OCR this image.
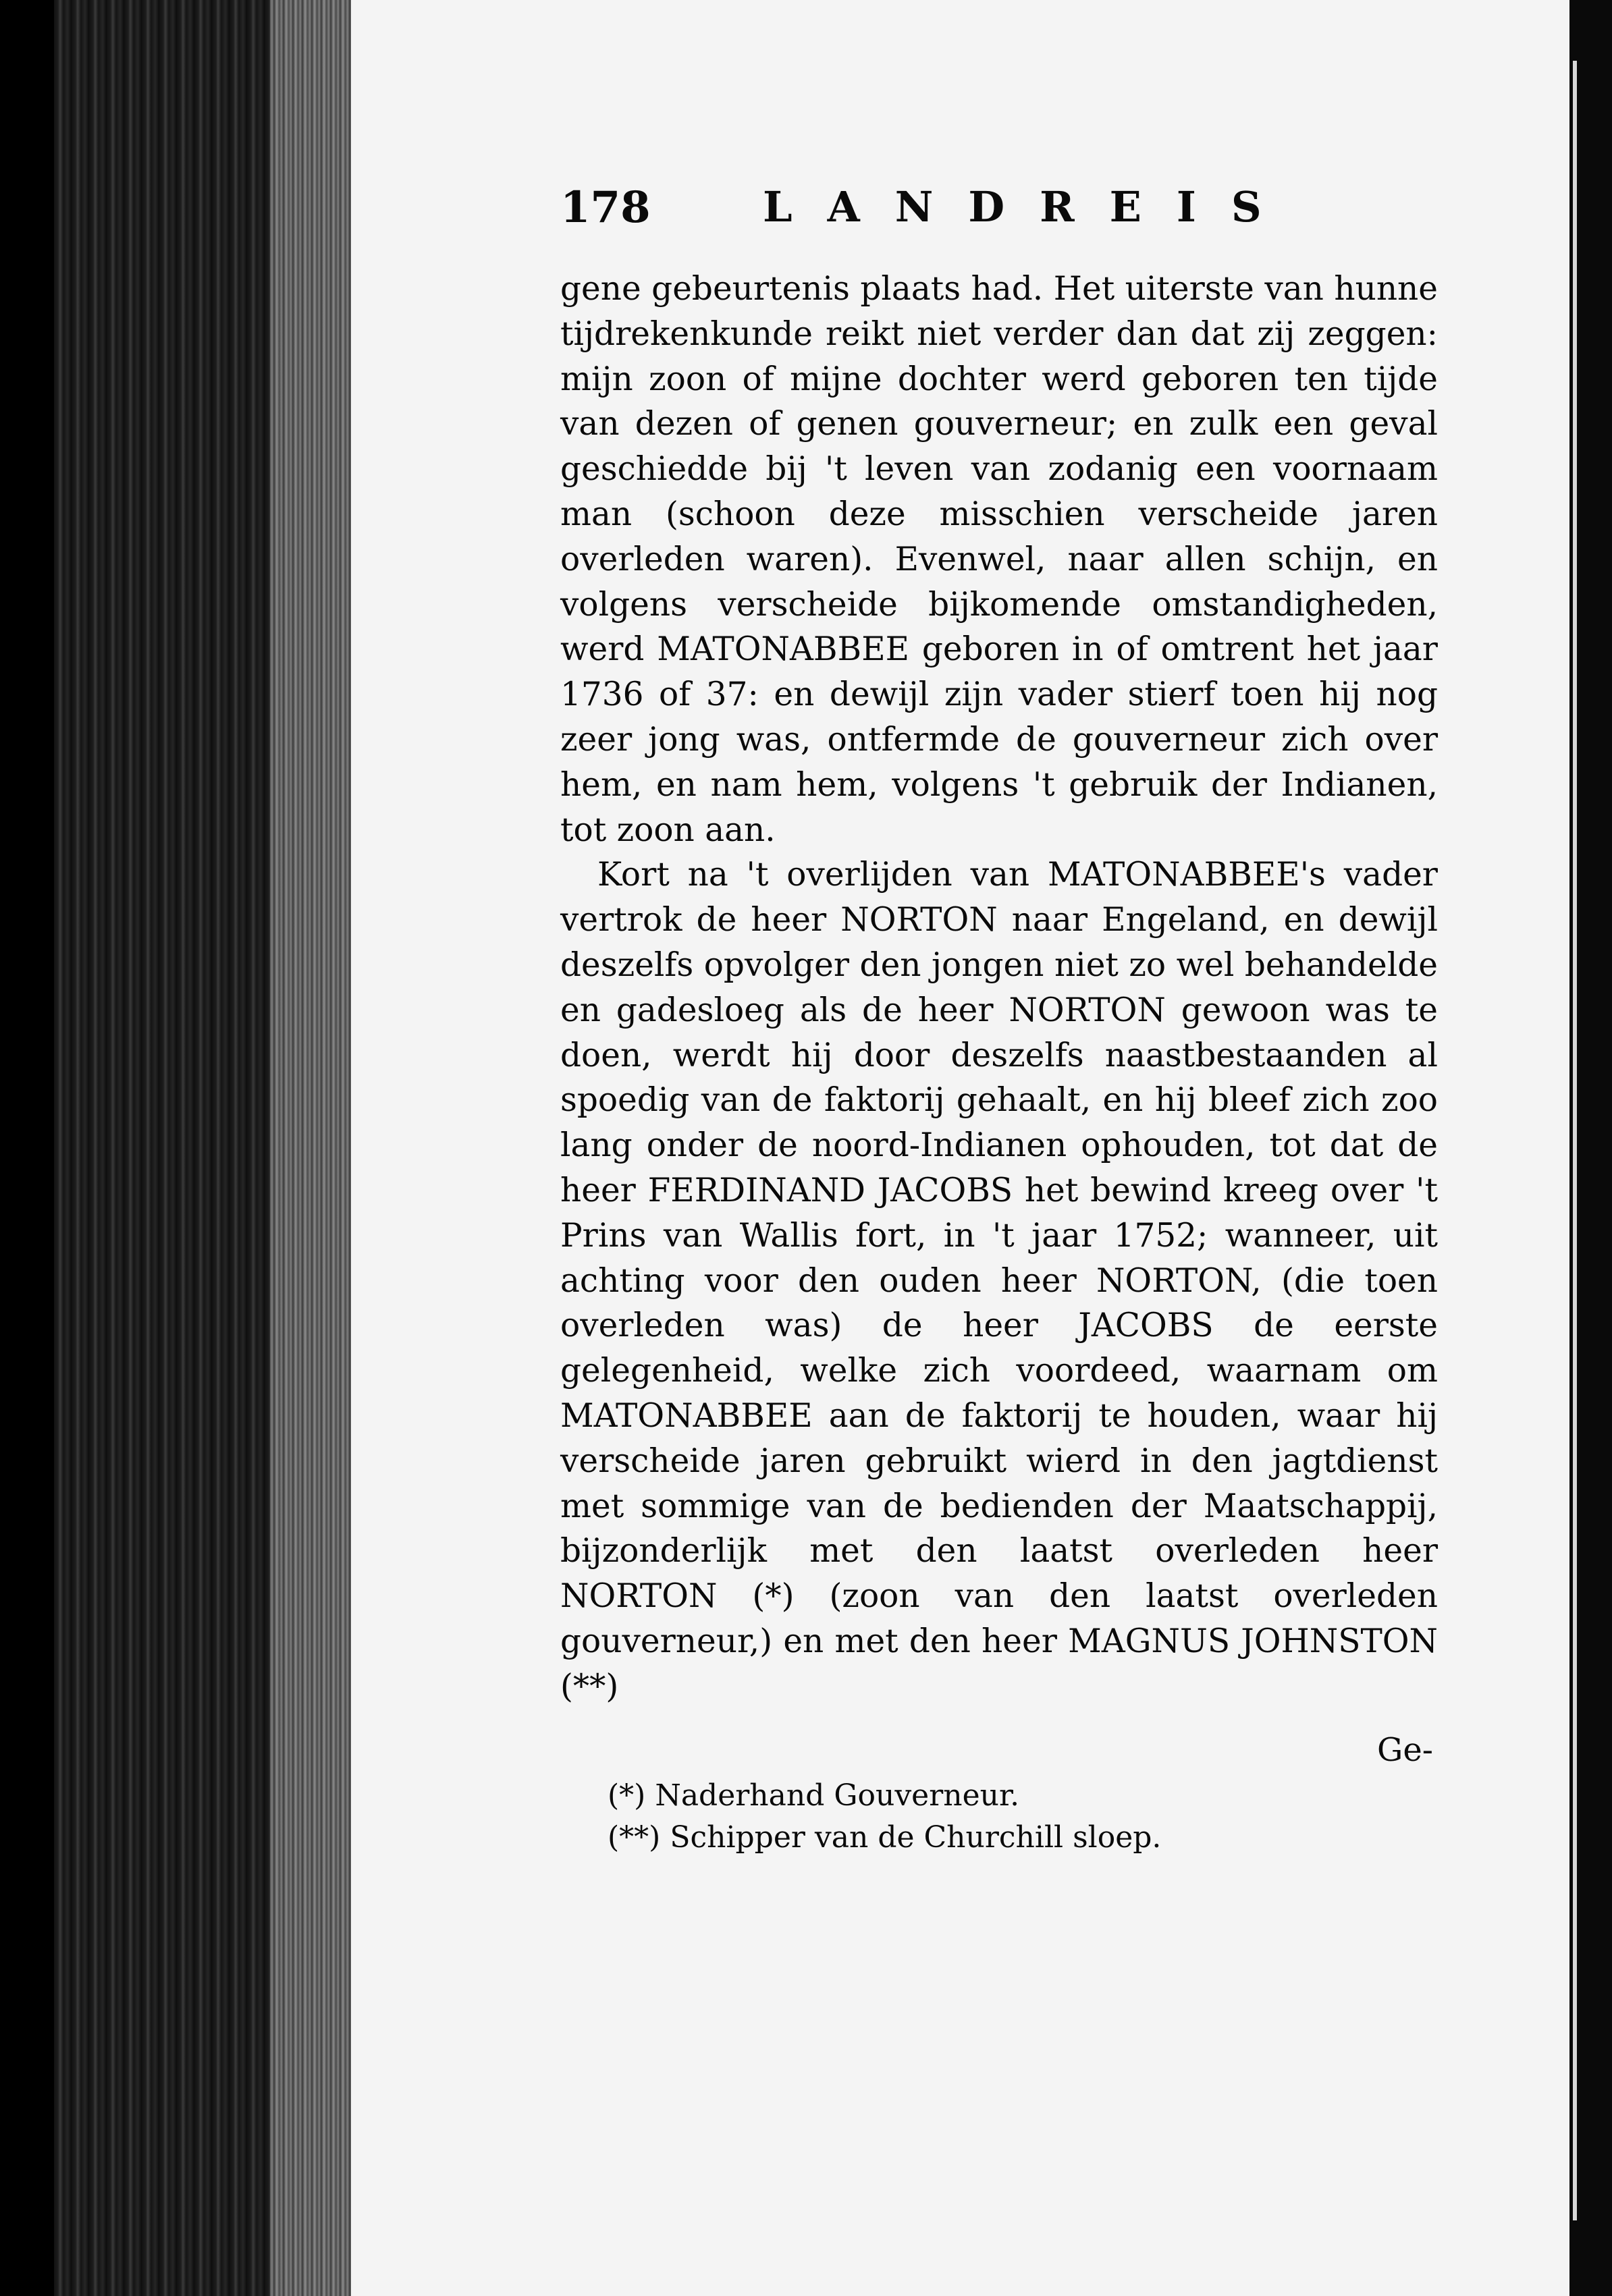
178	LANDREIS

gene gebeurtenis plaats had. Het uiterste van hunne tijdrekenkunde reikt niet verder dan dat zij zeggen: mijn zoon of mijne dochter werd geboren ten tijde van dezen of genen gouverneur; en zulk een geval geschiedde bij 't leven van zodanig een voornaam man (schoon deze misschien verscheide jaren overleden waren). Evenwel, naar allen schijn, en volgens verscheide bijkomende omstandigheden, werd MATONABBEE geboren in of omtrent het jaar 1736 of 37: en dewijl zijn vader stierf toen hij nog zeer jong was, ontfermde de gouverneur zich over hem, en nam hem, volgens 't gebruik der Indianen, tot zoon aan.

Kort na 't overlijden van MATONABBEE's vader vertrok de heer NORTON naar Engeland, en dewijl deszelfs opvolger den jongen niet zo wel behandelde en gadesloeg als de heer NORTON gewoon was te doen, werdt hij door deszelfs naastbestaanden al spoedig van de faktorij gehaalt, en hij bleef zich zoo lang onder de noord-Indianen ophouden, tot dat de heer FERDINAND JACOBS het bewind kreeg over 't Prins van Wallis fort, in 't jaar 1752; wanneer, uit achting voor den ouden heer NORTON, (die toen overleden was) de heer JACOBS de eerste gelegenheid, welke zich voordeed, waarnam om MATONABBEE aan de faktorij te houden, waar hij verscheide jaren gebruikt wierd in den jagtdienst met sommige van de bedienden der Maatschappij, bijzonderlijk met den laatst overleden heer NORTON (*) (zoon van den laatst overleden gouverneur,) en met den heer MAGNUS JOHNSTON (**)

Ge-
(*) Naderhand Gouverneur.
(**) Schipper van de Churchill sloep.
